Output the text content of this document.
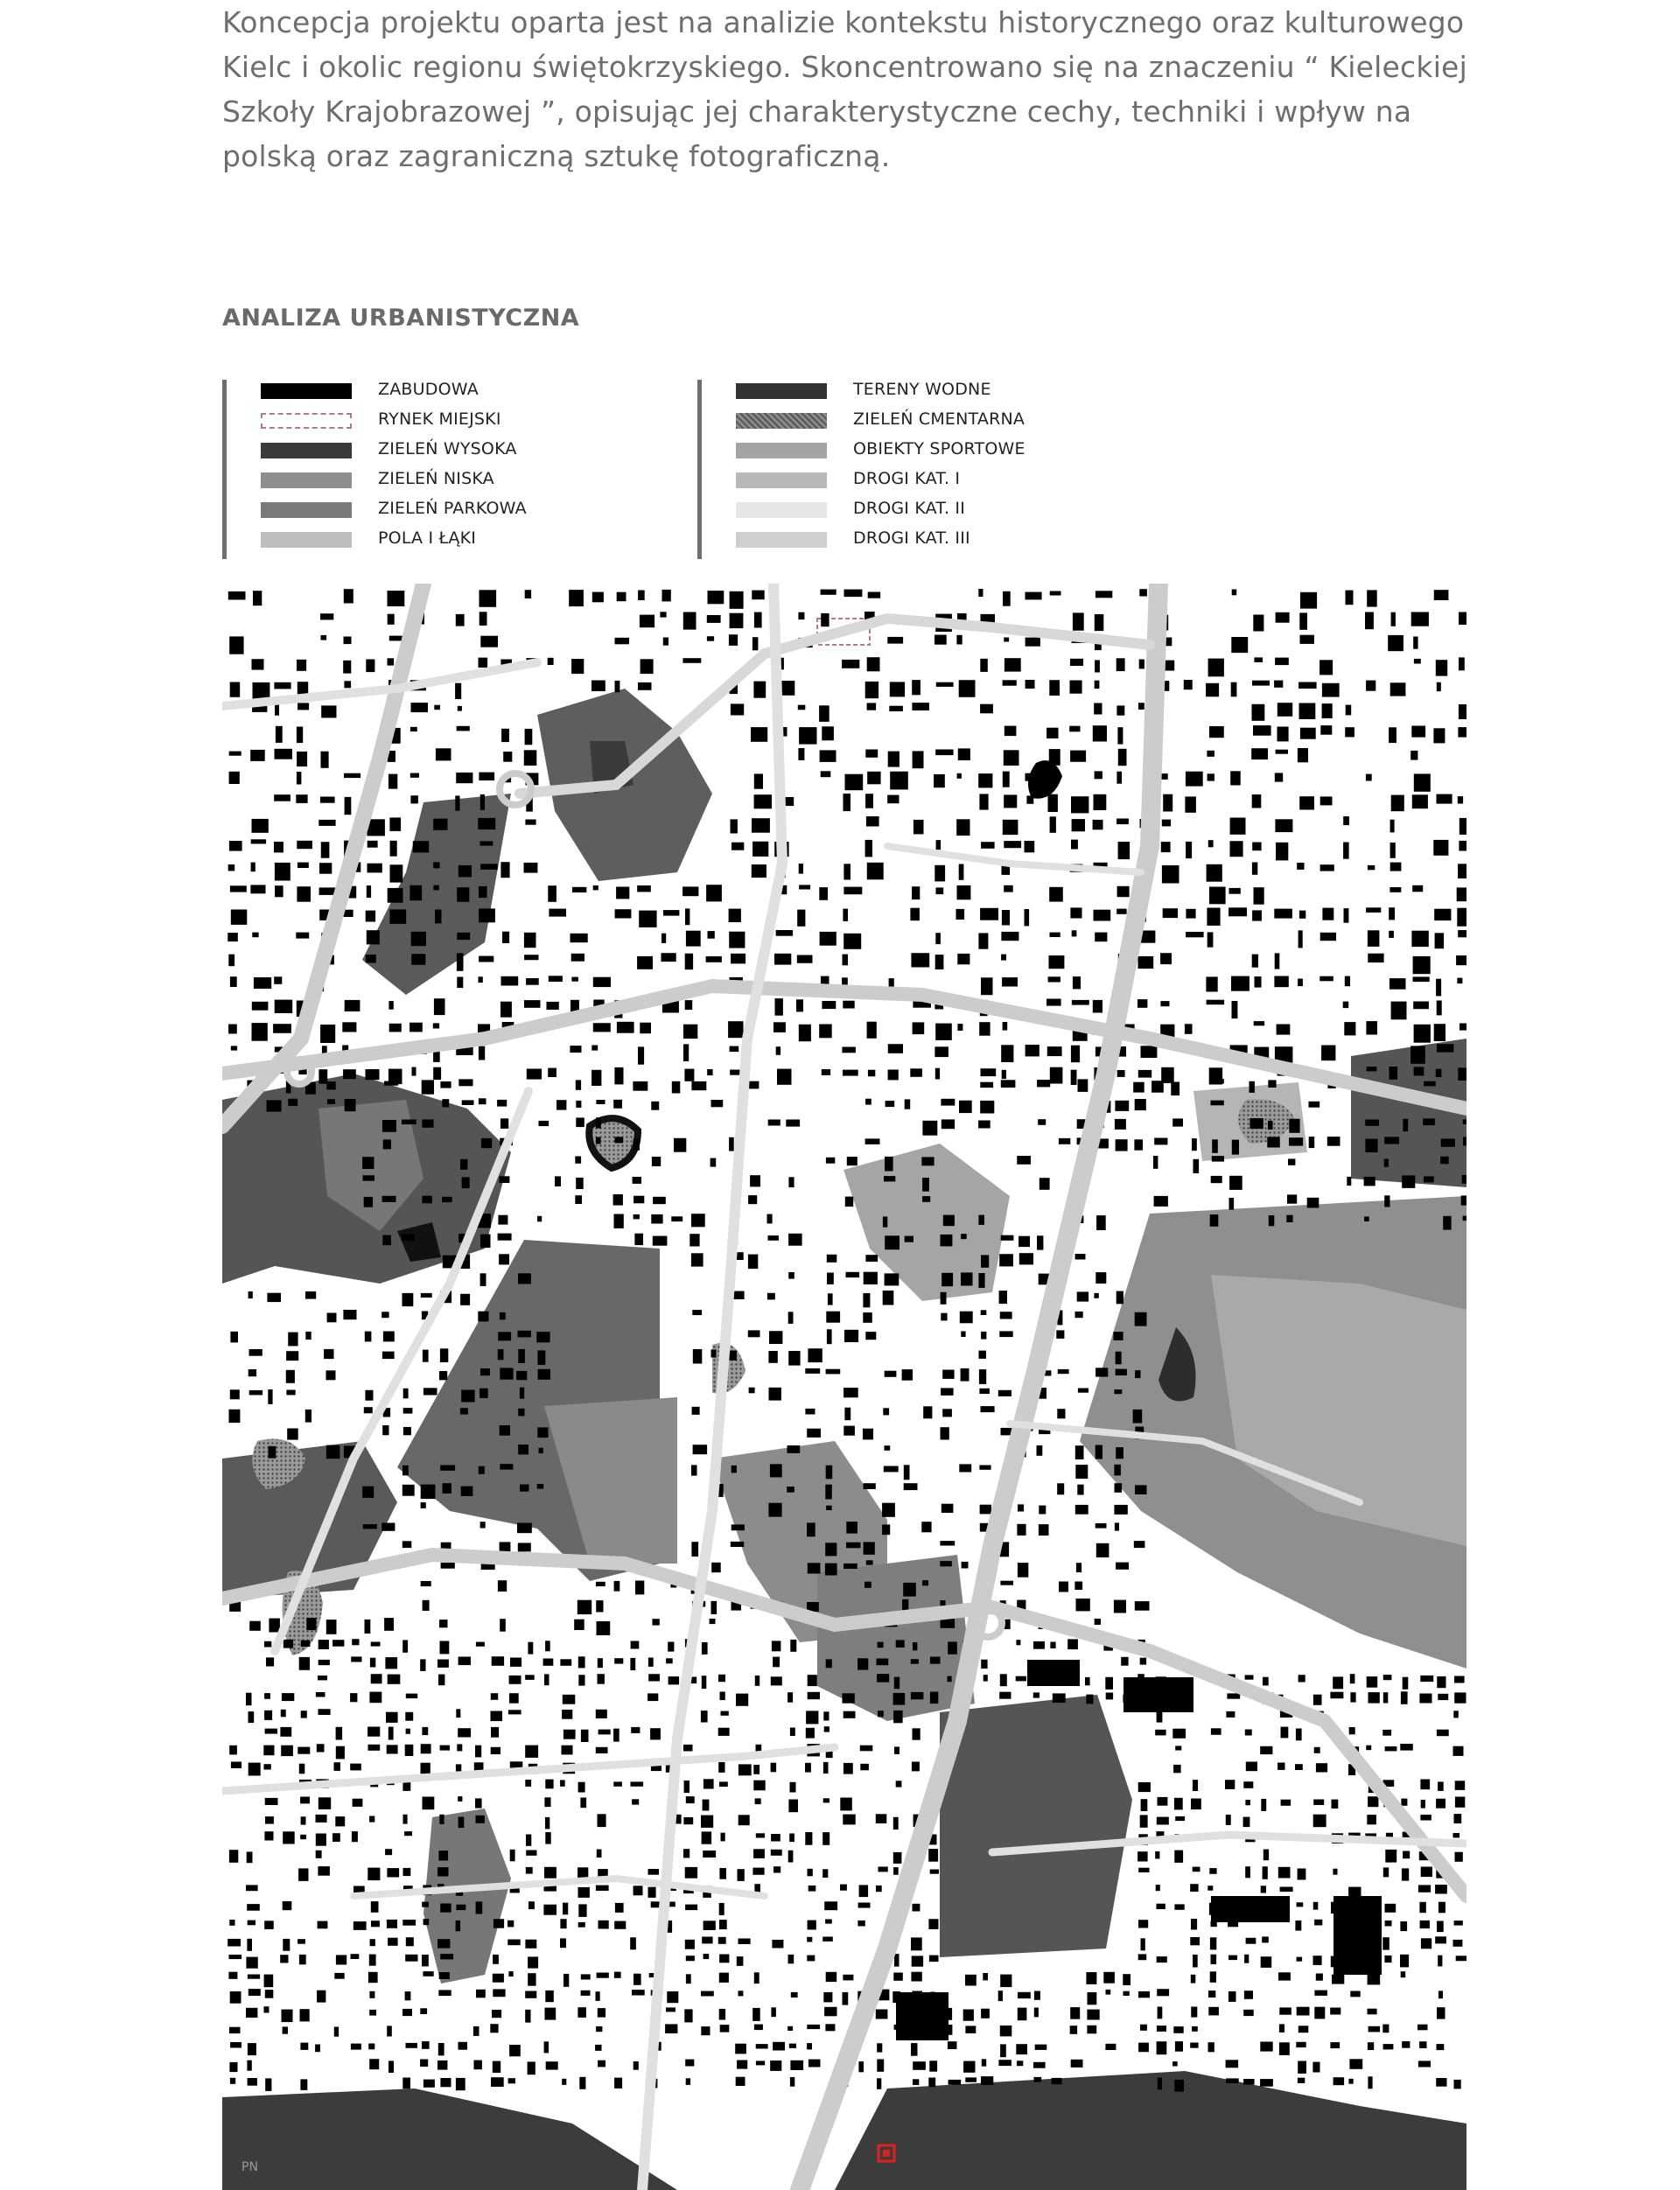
Koncepcja projektu oparta jest na analizie kontekstu historycznego oraz kulturowego
Kielc i okolic regionu świętokrzyskiego. Skoncentrowano się na znaczeniu “ Kieleckiej
Szkoły Krajobrazowej ”, opisując jej charakterystyczne cechy, techniki i wpływ na
polską oraz zagraniczną sztukę fotograficzną.
ANALIZA URBANISTYCZNA
ZABUDOWA
RYNEK MIEJSKI
ZIELEŃ WYSOKA
ZIELEŃ NISKA
ZIELEŃ PARKOWA
POLA I ŁĄKI
TERENY WODNE
ZIELEŃ CMENTARNA
OBIEKTY SPORTOWE
DROGI KAT. I
DROGI KAT. II
DROGI KAT. III
PN
